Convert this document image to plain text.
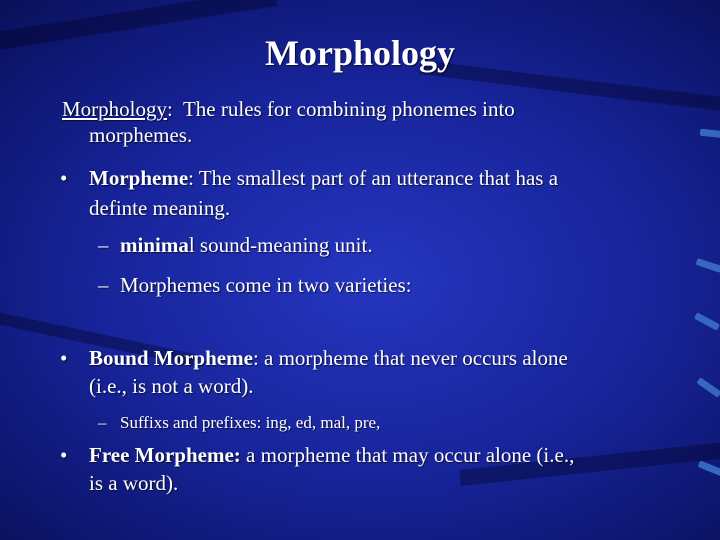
Morphology
Morphology:  The rules for combining phonemes into
morphemes.
• Morpheme: The smallest part of an utterance that has a
definte meaning.
– minimal sound-meaning unit.
– Morphemes come in two varieties:
• Bound Morpheme: a morpheme that never occurs alone
(i.e., is not a word).
– Suffixs and prefixes: ing, ed, mal, pre,
• Free Morpheme: a morpheme that may occur alone (i.e.,
is a word).
